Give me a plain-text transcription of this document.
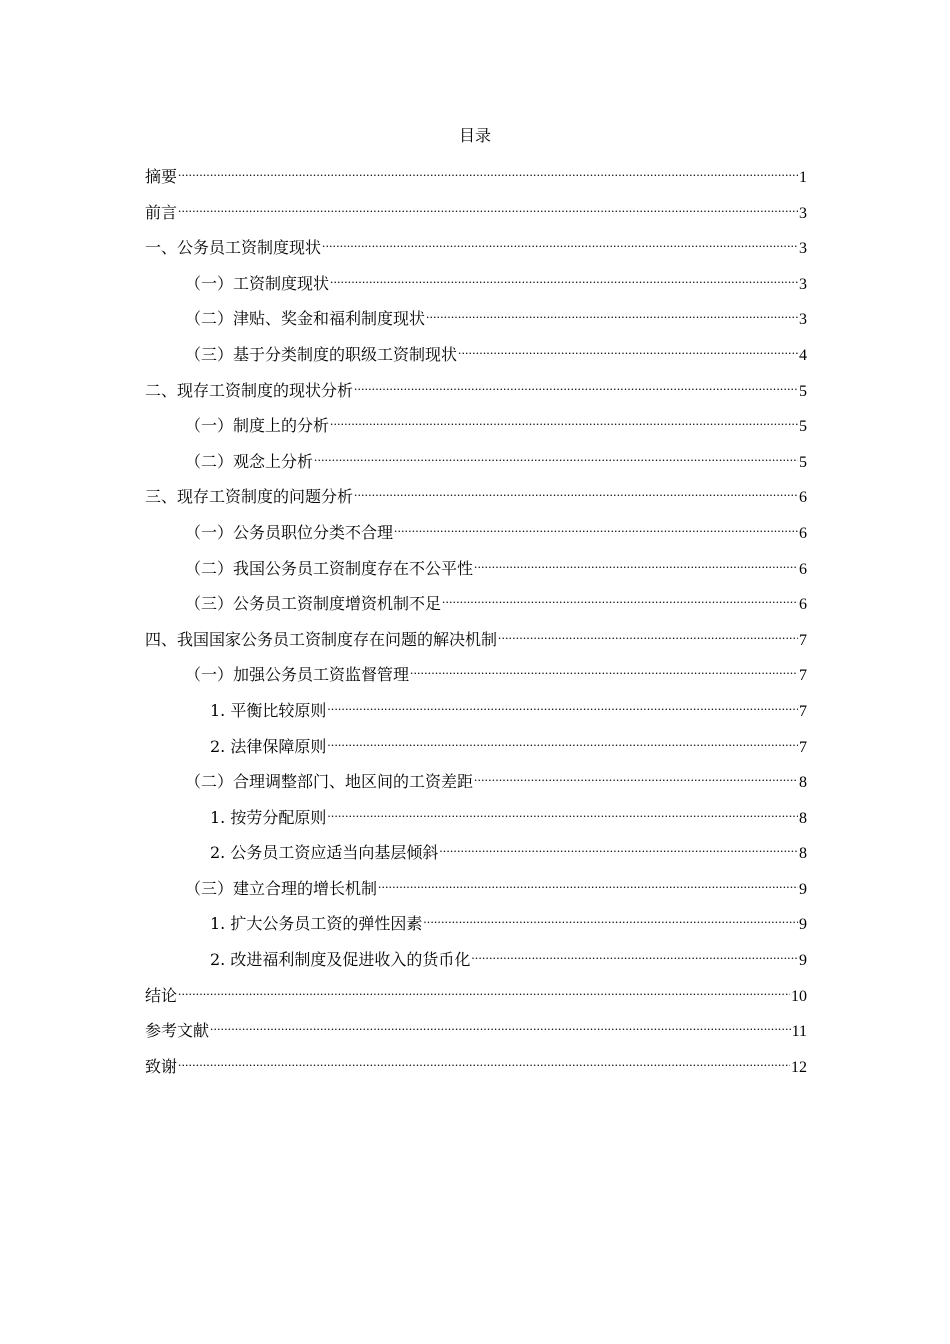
目录
摘要 .....	1
前言 .....	3
一、公务员工资制度现状 .....	3
（一）工资制度现状 .....	3
（二）津贴、奖金和福利制度现状 .....	3
（三）基于分类制度的职级工资制现状 .....	4
二、现存工资制度的现状分析 .....	5
（一）制度上的分析 .....	5
（二）观念上分析 .....	5
三、现存工资制度的问题分析 .....	6
（一）公务员职位分类不合理 .....	6
（二）我国公务员工资制度存在不公平性 .....	6
（三）公务员工资制度增资机制不足 .....	6
四、我国国家公务员工资制度存在问题的解决机制 .....	7
（一）加强公务员工资监督管理 .....	7
1. 平衡比较原则 .....	7
2. 法律保障原则 .....	7
（二）合理调整部门、地区间的工资差距 .....	8
1. 按劳分配原则 .....	8
2. 公务员工资应适当向基层倾斜 .....	8
（三）建立合理的增长机制 .....	9
1. 扩大公务员工资的弹性因素 .....	9
2. 改进福利制度及促进收入的货币化 .....	9
结论 .....	10
参考文献 .....	11
致谢 .....	12
